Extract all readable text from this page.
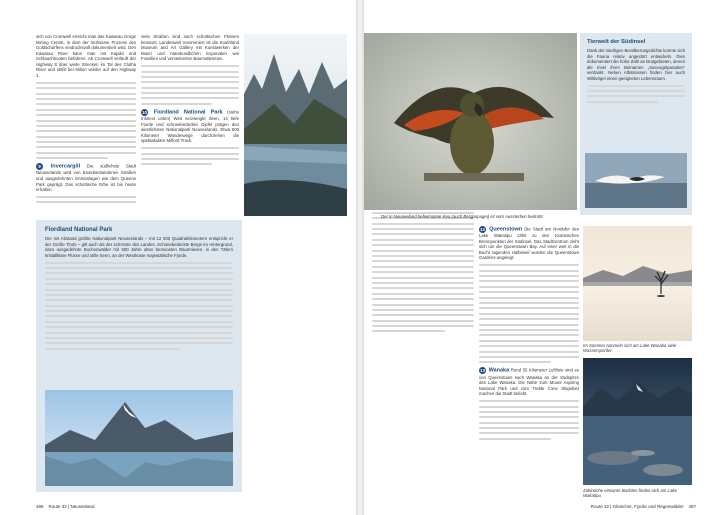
sich von Cromwell erreicht man das Kawarau Gorge Mining Centre, in dem der mühsame Prozess des Goldschürfens eindrucksvoll dokumentiert wird. Den Kawarau River kann man mit Kajaks und Schlauchbooten befahren. Ab Cromwell verläuft der Highway 8 über weite Strecken im Tal des Clutha River und stößt bei Milton wieder auf den Highway 1.

9 Invercargill Die südlichste Stadt Neuseelands wird von baumbestandenen Straßen und ausgedehnten Grünanlagen wie dem Queens Park geprägt. Das schottische Erbe ist bis heute erhalten.

viele Straßen sind nach schottischen Flüssen benannt. Landesweit renommiert ist die Southland Museum and Art Gallery mit Kunstwerken der Maori und naturkundlichen Exponaten wie Fossilien und versteinerten Baumstämmen.

10 Fiordland National Park (siehe Infotext unten) Weit verzweigte Seen, 14 tiefe Fjorde und schneebedeckte Gipfel prägen den westlichsten Nationalpark Neuseelands. Etwa 500 Kilometer Wanderwege durchziehen die spektakuläre Milford Track.

Fiordland National Park

Der mit Abstand größte Nationalpark Neuseelands – mit 12 000 Quadratkilometern entspricht er der Größe Tirols – gilt auch als der schönste des Landes. Schneebedeckte Berge im Hintergrund, dazu ausgedehnte Buchenwälder mit 500 Jahre alten bemoosten Baumriesen, in den Tälern kristallklare Flüsse und stille Seen, an der Westküste majestätische Fjorde.

486 Route 32 | Neuseeland

Tierwelt der Südinsel

Dank der niedrigen Bevölkerungsdichte konnte sich die Fauna relativ ungestört entwickeln. Dies dokumentiert die hohe Zahl an Brutgebieten, denen die Insel ihren Beinamen „Seevogelparadies“ verdankt. Neben Albatrossen finden hier auch Wildvögel einen geeigneten Lebensraum.

Der in Neuseeland beheimatete Kea (auch Bergpapagei) ist vom Aussterben bedroht.

12 Queenstown Die Stadt am Nordufer des Lake Wakatipu zählt zu den touristischen Brennpunkten der Südinsel. Das Stadtzentrum zieht sich um die Queenstown Bay. Auf einer weit in die Bucht ragenden Halbinsel wurden die Queenstown Gardens angelegt.

13 Wanaka Rund 55 Kilometer Luftlinie sind es von Queenstown nach Wanaka an der Südspitze des Lake Wanaka. Die Nähe zum Mount Aspiring National Park und zum Treble Cone Skigebiet machen die Stadt beliebt.

Im Sommer tummeln sich am Lake Wanaka viele Wassersportler.
Zahlreiche einsame Buchten finden sich am Lake Wakatipu
Route 32 | Gletscher, Fjorde und Regenwälder 487
